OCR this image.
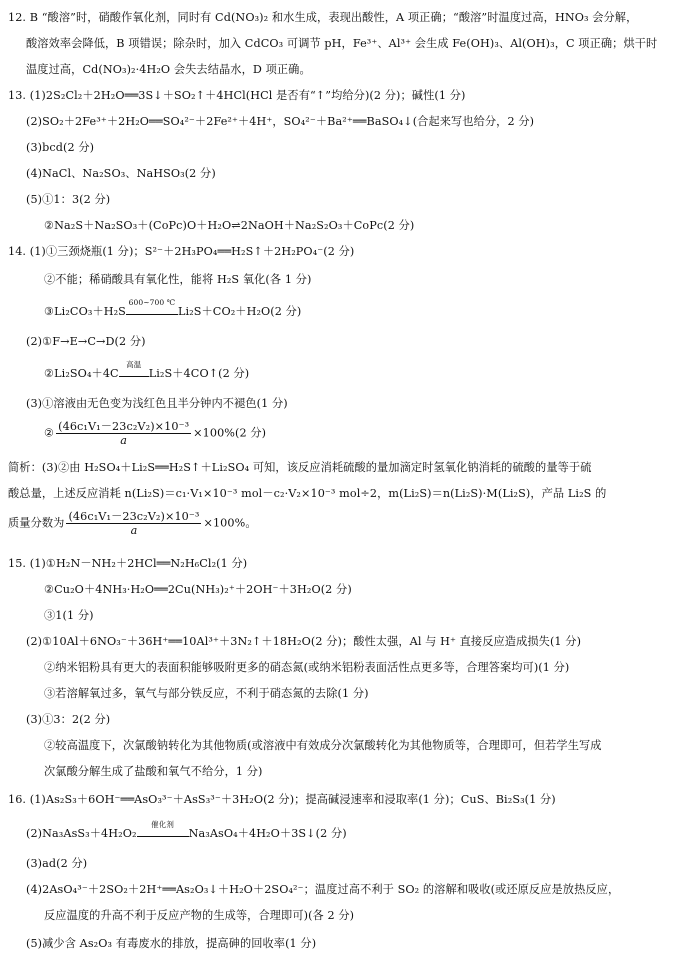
12. B “酸溶”时，硝酸作氧化剂，同时有 Cd(NO₃)₂ 和水生成，表现出酸性，A 项正确；“酸溶”时温度过高，HNO₃ 会分解，
酸溶效率会降低，B 项错误；除杂时，加入 CdCO₃ 可调节 pH，Fe³⁺、Al³⁺ 会生成 Fe(OH)₃、Al(OH)₃，C 项正确；烘干时
温度过高，Cd(NO₃)₂·4H₂O 会失去结晶水，D 项正确。
13. (1)2S₂Cl₂＋2H₂O══3S↓＋SO₂↑＋4HCl(HCl 是否有“↑”均给分)(2 分)；碱性(1 分)
(2)SO₂＋2Fe³⁺＋2H₂O══SO₄²⁻＋2Fe²⁺＋4H⁺，SO₄²⁻＋Ba²⁺══BaSO₄↓(合起来写也给分，2 分)
(3)bcd(2 分)
(4)NaCl、Na₂SO₃、NaHSO₃(2 分)
(5)①1：3(2 分)
②Na₂S＋Na₂SO₃＋(CoPc)O＋H₂O⇌2NaOH＋Na₂S₂O₃＋CoPc(2 分)
14. (1)①三颈烧瓶(1 分)；S²⁻＋2H₃PO₄══H₂S↑＋2H₂PO₄⁻(2 分)
②不能；稀硝酸具有氧化性，能将 H₂S 氧化(各 1 分)
③Li₂CO₃＋H₂S
600~700 ℃
Li₂S＋CO₂＋H₂O(2 分)
(2)①F→E→C→D(2 分)
②Li₂SO₄＋4C
高温
Li₂S＋4CO↑(2 分)
(3)①溶液由无色变为浅红色且半分钟内不褪色(1 分)
② $\frac{\text{(46c₁V₁－23c₂V₂)×10⁻³}}{a} \times 100\%(2$ 分)
简析：(3)②由 H₂SO₄＋Li₂S══H₂S↑＋Li₂SO₄ 可知，该反应消耗硫酸的量加滴定时氢氧化钠消耗的硫酸的量等于硫
酸总量，上述反应消耗 n(Li₂S)＝c₁·V₁×10⁻³ mol－c₂·V₂×10⁻³ mol÷2，m(Li₂S)＝n(Li₂S)·M(Li₂S)，产品 Li₂S 的
质量分数为 $\frac{\text{(46c₁V₁－23c₂V₂)×10⁻³}}{a} \times 100\%$。
15. (1)①H₂N－NH₂＋2HCl══N₂H₆Cl₂(1 分)
②Cu₂O＋4NH₃·H₂O══2Cu(NH₃)₂⁺＋2OH⁻＋3H₂O(2 分)
③1(1 分)
(2)①10Al＋6NO₃⁻＋36H⁺══10Al³⁺＋3N₂↑＋18H₂O(2 分)；酸性太强，Al 与 H⁺ 直接反应造成损失(1 分)
②纳米铝粉具有更大的表面积能够吸附更多的硝态氮(或纳米铝粉表面活性点更多等，合理答案均可)(1 分)
③若溶解氧过多，氧气与部分铁反应，不利于硝态氮的去除(1 分)
(3)①3：2(2 分)
②较高温度下，次氯酸钠转化为其他物质(或溶液中有效成分次氯酸转化为其他物质等，合理即可，但若学生写成
次氯酸分解生成了盐酸和氧气不给分，1 分)
16. (1)As₂S₃＋6OH⁻══AsO₃³⁻＋AsS₃³⁻＋3H₂O(2 分)；提高碱浸速率和浸取率(1 分)；CuS、Bi₂S₃(1 分)
(2)Na₃AsS₃＋4H₂O₂
催化剂
Na₃AsO₄＋4H₂O＋3S↓(2 分)
(3)ad(2 分)
(4)2AsO₄³⁻＋2SO₂＋2H⁺══As₂O₃↓＋H₂O＋2SO₄²⁻；温度过高不利于 SO₂ 的溶解和吸收(或还原反应是放热反应，
反应温度的升高不利于反应产物的生成等，合理即可)(各 2 分)
(5)减少含 As₂O₃ 有毒废水的排放，提高砷的回收率(1 分)
